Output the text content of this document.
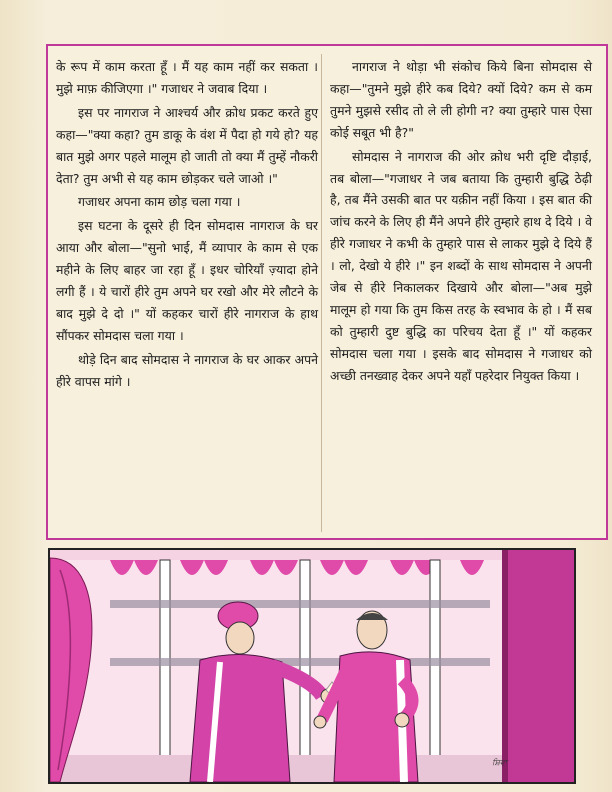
के रूप में काम करता हूँ । मैं यह काम नहीं कर सकता । मुझे माफ़ कीजिएगा ।" गजाधर ने जवाब दिया ।

इस पर नागराज ने आश्चर्य और क्रोध प्रकट करते हुए कहा—"क्या कहा? तुम डाकू के वंश में पैदा हो गये हो? यह बात मुझे अगर पहले मालूम हो जाती तो क्या मैं तुम्हें नौकरी देता? तुम अभी से यह काम छोड़कर चले जाओ ।"

गजाधर अपना काम छोड़ चला गया ।

इस घटना के दूसरे ही दिन सोमदास नागराज के घर आया और बोला—"सुनो भाई, मैं व्यापार के काम से एक महीने के लिए बाहर जा रहा हूँ । इधर चोरियाँ ज़्यादा होने लगी हैं । ये चारों हीरे तुम अपने घर रखो और मेरे लौटने के बाद मुझे दे दो ।" यों कहकर चारों हीरे नागराज के हाथ सौंपकर सोमदास चला गया ।

थोड़े दिन बाद सोमदास ने नागराज के घर आकर अपने हीरे वापस मांगे ।

नागराज ने थोड़ा भी संकोच किये बिना सोमदास से कहा—"तुमने मुझे हीरे कब दिये? क्यों दिये? कम से कम तुमने मुझसे रसीद तो ले ली होगी न? क्या तुम्हारे पास ऐसा कोई सबूत भी है?"

सोमदास ने नागराज की ओर क्रोध भरी दृष्टि दौड़ाई, तब बोला—"गजाधर ने जब बताया कि तुम्हारी बुद्धि ठेढ़ी है, तब मैंने उसकी बात पर यक़ीन नहीं किया । इस बात की जांच करने के लिए ही मैंने अपने हीरे तुम्हारे हाथ दे दिये । वे हीरे गजाधर ने कभी के तुम्हारे पास से लाकर मुझे दे दिये हैं । लो, देखो ये हीरे ।" इन शब्दों के साथ सोमदास ने अपनी जेब से हीरे निकालकर दिखाये और बोला—"अब मुझे मालूम हो गया कि तुम किस तरह के स्वभाव के हो । मैं सब को तुम्हारी दुष्ट बुद्धि का परिचय देता हूँ ।" यों कहकर सोमदास चला गया । इसके बाद सोमदास ने गजाधर को अच्छी तनख्वाह देकर अपने यहाँ पहरेदार नियुक्त किया ।

ਸ਼ਿਵਾ
